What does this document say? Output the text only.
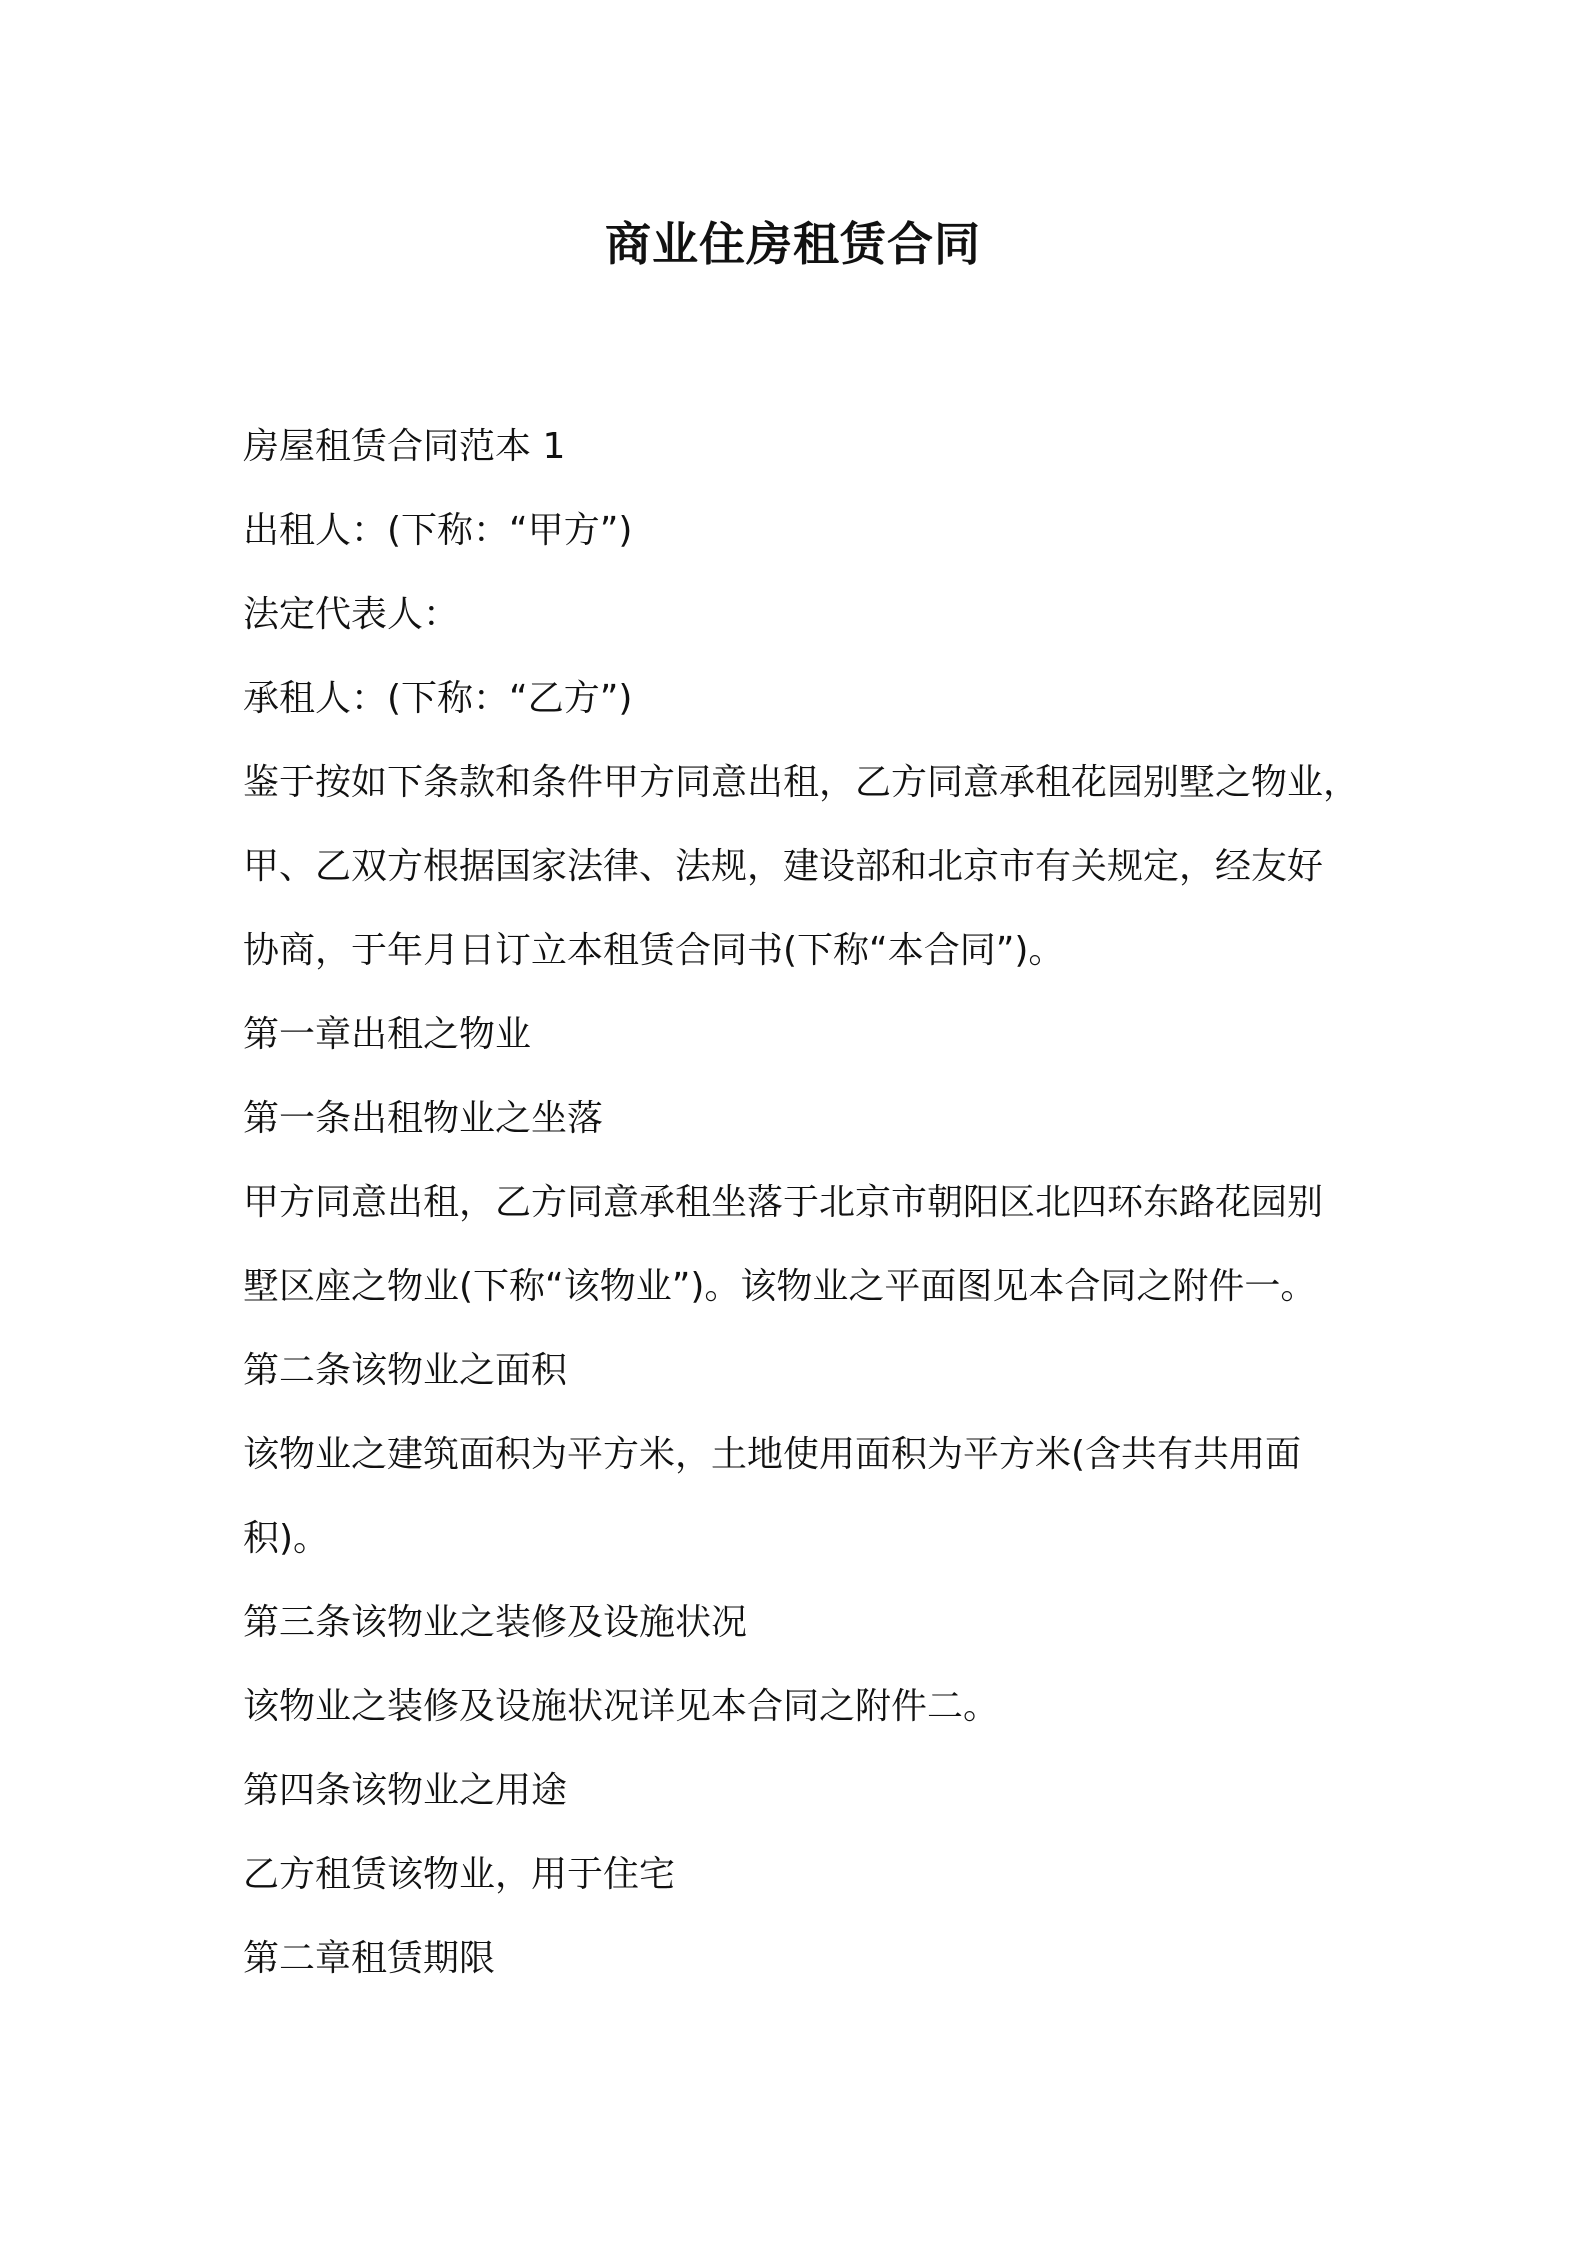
商业住房租赁合同

房屋租赁合同范本 1

出租人：(下称：“甲方”)

法定代表人：

承租人：(下称：“乙方”)

鉴于按如下条款和条件甲方同意出租，乙方同意承租花园别墅之物业，

甲、乙双方根据国家法律、法规，建设部和北京市有关规定，经友好

协商，于年月日订立本租赁合同书(下称“本合同”)。

第一章出租之物业

第一条出租物业之坐落

甲方同意出租，乙方同意承租坐落于北京市朝阳区北四环东路花园别

墅区座之物业(下称“该物业”)。该物业之平面图见本合同之附件一。

第二条该物业之面积

该物业之建筑面积为平方米，土地使用面积为平方米(含共有共用面

积)。

第三条该物业之装修及设施状况

该物业之装修及设施状况详见本合同之附件二。

第四条该物业之用途

乙方租赁该物业，用于住宅

第二章租赁期限
